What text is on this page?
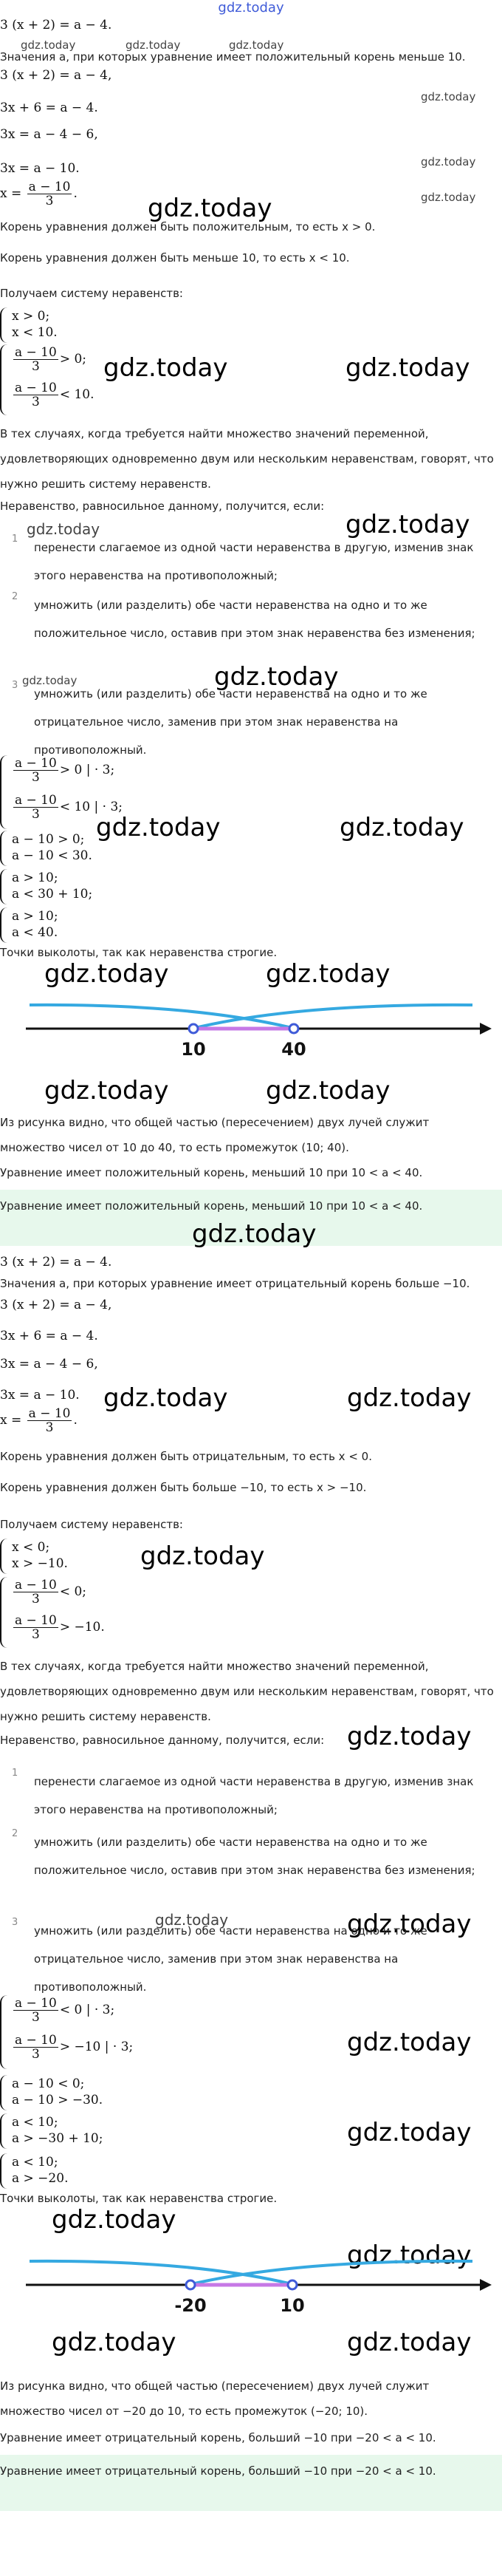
gdz.today
3 (x + 2) = a − 4.
gdz.today	gdz.today	gdz.today
Значения a, при которых уравнение имеет положительный корень меньше 10.
3 (x + 2) = a − 4,
gdz.today
3x + 6 = a − 4.
3x = a − 4 − 6,
gdz.today
3x = a − 10.
$x = \frac{a - 10}{3}$ .	gdz.today
gdz.today
Корень уравнения должен быть положительным, то есть x > 0.
Корень уравнения должен быть меньше 10, то есть x < 10.
Получаем систему неравенств:
x > 0;
x < 10.
$\frac{a - 10}{3} > 0$;
$\frac{a - 10}{3} < 10$.
gdz.today	gdz.today
В тех случаях, когда требуется найти множество значений переменной, удовлетворяющих одновременно двум или нескольким неравенствам, говорят, что нужно решить систему неравенств.
Неравенство, равносильное данному, получится, если:
gdz.today	gdz.today
1
перенести слагаемое из одной части неравенства в другую, изменив знак этого неравенства на противоположный;
2
умножить (или разделить) обе части неравенства на одно и то же положительное число, оставив при этом знак неравенства без изменения;
gdz.today	gdz.today
3
умножить (или разделить) обе части неравенства на одно и то же отрицательное число, заменив при этом знак неравенства на противоположный.
$\frac{a - 10}{3} > 0$ | · 3;
$\frac{a - 10}{3} < 10$ | · 3;
a − 10 > 0;
a − 10 < 30.
gdz.today	gdz.today
a > 10;
a < 30 + 10;
a > 10;
a < 40.
Точки выколоты, так как неравенства строгие.
gdz.today	gdz.today
10	40
gdz.today	gdz.today
Из рисунка видно, что общей частью (пересечением) двух лучей служит множество чисел от 10 до 40, то есть промежуток (10; 40).
Уравнение имеет положительный корень, меньший 10 при 10 < a < 40.
Уравнение имеет положительный корень, меньший 10 при 10 < a < 40.
gdz.today
3 (x + 2) = a − 4.
Значения a, при которых уравнение имеет отрицательный корень больше −10.
3 (x + 2) = a − 4,
3x + 6 = a − 4.
3x = a − 4 − 6,
3x = a − 10. gdz.today	gdz.today
$x = \frac{a - 10}{3}$ .
Корень уравнения должен быть отрицательным, то есть x < 0.
Корень уравнения должен быть больше −10, то есть x > −10.
Получаем систему неравенств:
x < 0;
x > −10.	gdz.today
$\frac{a - 10}{3} < 0$;
$\frac{a - 10}{3} > -10$.
В тех случаях, когда требуется найти множество значений переменной, удовлетворяющих одновременно двум или нескольким неравенствам, говорят, что нужно решить систему неравенств.
Неравенство, равносильное данному, получится, если: gdz.today
1
перенести слагаемое из одной части неравенства в другую, изменив знак этого неравенства на противоположный;
2
умножить (или разделить) обе части неравенства на одно и то же положительное число, оставив при этом знак неравенства без изменения;
gdz.today	gdz.today
3
умножить (или разделить) обе части неравенства на одно и то же отрицательное число, заменив при этом знак неравенства на противоположный.
$\frac{a - 10}{3} < 0$ | · 3;
$\frac{a - 10}{3} > -10$ | · 3;	gdz.today
a − 10 < 0;
a − 10 > −30.
a < 10;
a > −30 + 10;	gdz.today
a < 10;
a > −20.
Точки выколоты, так как неравенства строгие.
gdz.today
gdz.today
-20	10
gdz.today	gdz.today
Из рисунка видно, что общей частью (пересечением) двух лучей служит множество чисел от −20 до 10, то есть промежуток (−20; 10).
Уравнение имеет отрицательный корень, больший −10 при −20 < a < 10.
Уравнение имеет отрицательный корень, больший −10 при −20 < a < 10.
